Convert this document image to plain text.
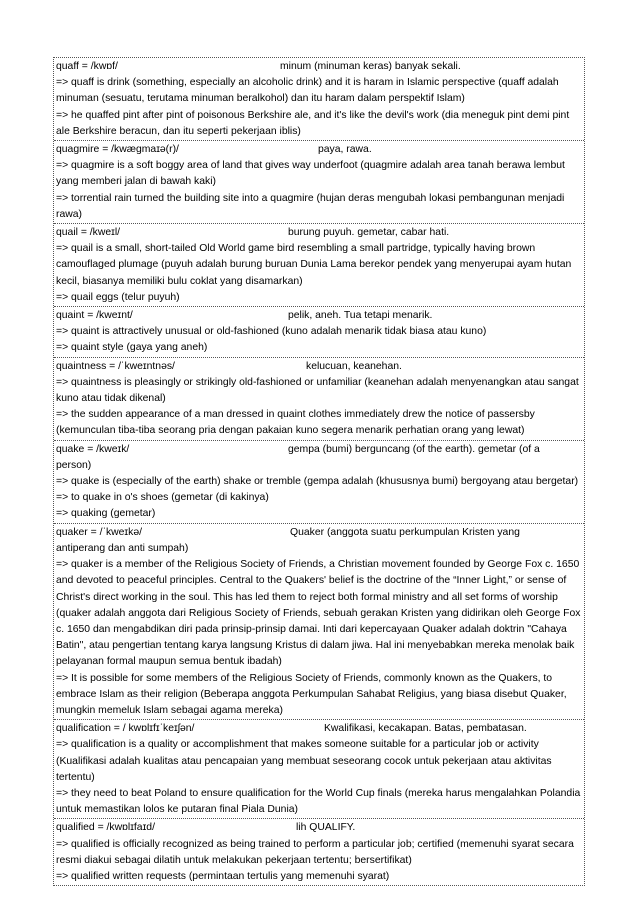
quaff = /kwɒf/	minum (minuman keras) banyak sekali.
=> quaff is drink (something, especially an alcoholic drink) and it is haram in Islamic perspective (quaff adalah minuman (sesuatu, terutama minuman beralkohol) dan itu haram dalam perspektif Islam)
=> he quaffed pint after pint of poisonous Berkshire ale, and it's like the devil's work (dia meneguk pint demi pint ale Berkshire beracun, dan itu seperti pekerjaan iblis)
quagmire = /kwæɡmaɪə(r)/	paya, rawa.
=> quagmire is a soft boggy area of land that gives way underfoot (quagmire adalah area tanah berawa lembut yang memberi jalan di bawah kaki)
=> torrential rain turned the building site into a quagmire (hujan deras mengubah lokasi pembangunan menjadi rawa)
quail = /kweɪl/	burung puyuh. gemetar, cabar hati.
=> quail is a small, short-tailed Old World game bird resembling a small partridge, typically having brown camouflaged plumage (puyuh adalah burung buruan Dunia Lama berekor pendek yang menyerupai ayam hutan kecil, biasanya memiliki bulu coklat yang disamarkan)
=> quail eggs (telur puyuh)
quaint = /kweɪnt/	pelik, aneh. Tua tetapi menarik.
=> quaint is attractively unusual or old-fashioned (kuno adalah menarik tidak biasa atau kuno)
=> quaint style (gaya yang aneh)
quaintness = /ˈkweɪntnəs/	kelucuan, keanehan.
=> quaintness is pleasingly or strikingly old-fashioned or unfamiliar (keanehan adalah menyenangkan atau sangat kuno atau tidak dikenal)
=> the sudden appearance of a man dressed in quaint clothes immediately drew the notice of passersby (kemunculan tiba-tiba seorang pria dengan pakaian kuno segera menarik perhatian orang yang lewat)
quake = /kweɪk/	gempa (bumi) berguncang (of the earth). gemetar (of a
person)
=> quake is (especially of the earth) shake or tremble (gempa adalah (khususnya bumi) bergoyang atau bergetar)
=> to quake in o's shoes (gemetar (di kakinya)
=> quaking (gemetar)
quaker = /ˈkweɪkə/	Quaker (anggota suatu perkumpulan Kristen yang
antiperang dan anti sumpah)
=> quaker is a member of the Religious Society of Friends, a Christian movement founded by George Fox c. 1650 and devoted to peaceful principles. Central to the Quakers' belief is the doctrine of the “Inner Light,” or sense of Christ's direct working in the soul. This has led them to reject both formal ministry and all set forms of worship (quaker adalah anggota dari Religious Society of Friends, sebuah gerakan Kristen yang didirikan oleh George Fox c. 1650 dan mengabdikan diri pada prinsip-prinsip damai. Inti dari kepercayaan Quaker adalah doktrin "Cahaya Batin", atau pengertian tentang karya langsung Kristus di dalam jiwa. Hal ini menyebabkan mereka menolak baik pelayanan formal maupun semua bentuk ibadah)
=> It is possible for some members of the Religious Society of Friends, commonly known as the Quakers, to embrace Islam as their religion (Beberapa anggota Perkumpulan Sahabat Religius, yang biasa disebut Quaker, mungkin memeluk Islam sebagai agama mereka)
qualification = / kwɒlɪfɪˈkeɪʃən/	Kwalifikasi, kecakapan. Batas, pembatasan.
=> qualification is a quality or accomplishment that makes someone suitable for a particular job or activity (Kualifikasi adalah kualitas atau pencapaian yang membuat seseorang cocok untuk pekerjaan atau aktivitas tertentu)
=> they need to beat Poland to ensure qualification for the World Cup finals (mereka harus mengalahkan Polandia untuk memastikan lolos ke putaran final Piala Dunia)
qualified = /kwɒlɪfaɪd/	lih QUALIFY.
=> qualified is officially recognized as being trained to perform a particular job; certified (memenuhi syarat secara resmi diakui sebagai dilatih untuk melakukan pekerjaan tertentu; bersertifikat)
=> qualified written requests (permintaan tertulis yang memenuhi syarat)
